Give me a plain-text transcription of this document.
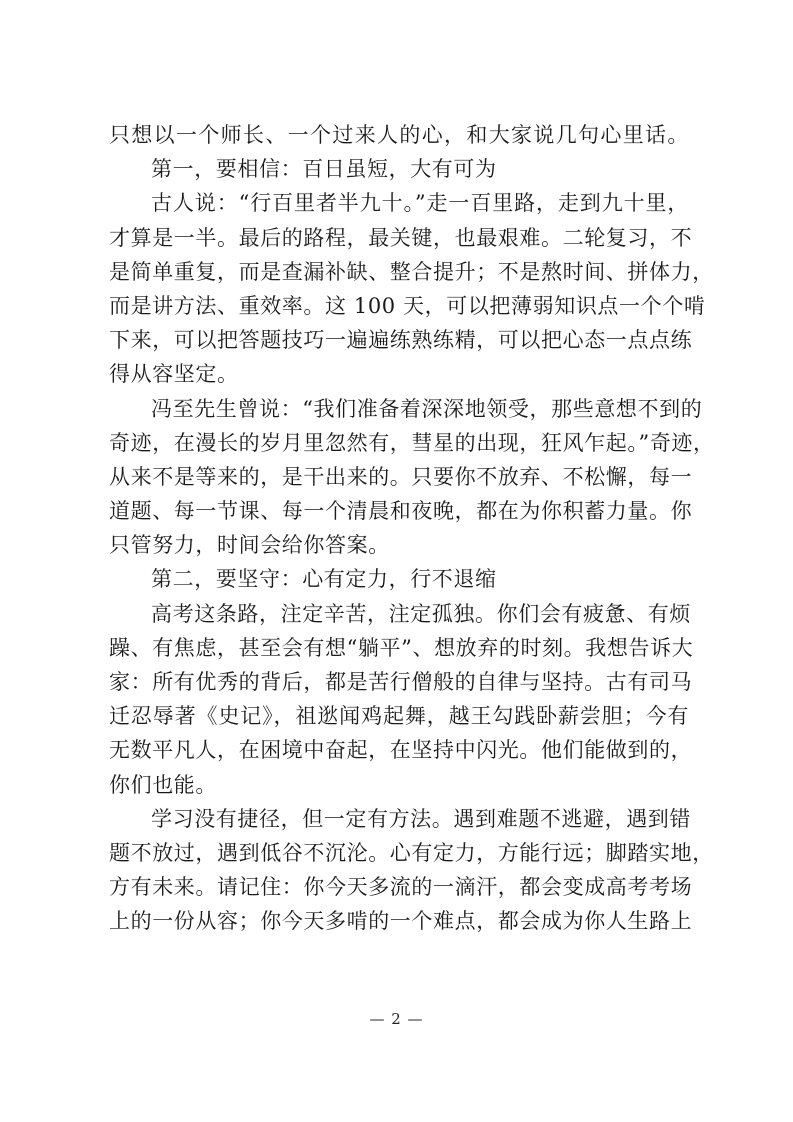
只想以一个师长、一个过来人的心，和大家说几句心里话。
第一，要相信：百日虽短，大有可为
古人说：“行百里者半九十。”走一百里路，走到九十里，
才算是一半。最后的路程，最关键，也最艰难。二轮复习，不
是简单重复，而是查漏补缺、整合提升；不是熬时间、拼体力，
而是讲方法、重效率。这 100 天，可以把薄弱知识点一个个啃
下来，可以把答题技巧一遍遍练熟练精，可以把心态一点点练
得从容坚定。
冯至先生曾说：“我们准备着深深地领受，那些意想不到的
奇迹，在漫长的岁月里忽然有，彗星的出现，狂风乍起。”奇迹，
从来不是等来的，是干出来的。只要你不放弃、不松懈，每一
道题、每一节课、每一个清晨和夜晚，都在为你积蓄力量。你
只管努力，时间会给你答案。
第二，要坚守：心有定力，行不退缩
高考这条路，注定辛苦，注定孤独。你们会有疲惫、有烦
躁、有焦虑，甚至会有想“躺平”、想放弃的时刻。我想告诉大
家：所有优秀的背后，都是苦行僧般的自律与坚持。古有司马
迁忍辱著《史记》，祖逖闻鸡起舞，越王勾践卧薪尝胆；今有
无数平凡人，在困境中奋起，在坚持中闪光。他们能做到的，
你们也能。
学习没有捷径，但一定有方法。遇到难题不逃避，遇到错
题不放过，遇到低谷不沉沦。心有定力，方能行远；脚踏实地，
方有未来。请记住：你今天多流的一滴汗，都会变成高考考场
上的一份从容；你今天多啃的一个难点，都会成为你人生路上
— 2 —
